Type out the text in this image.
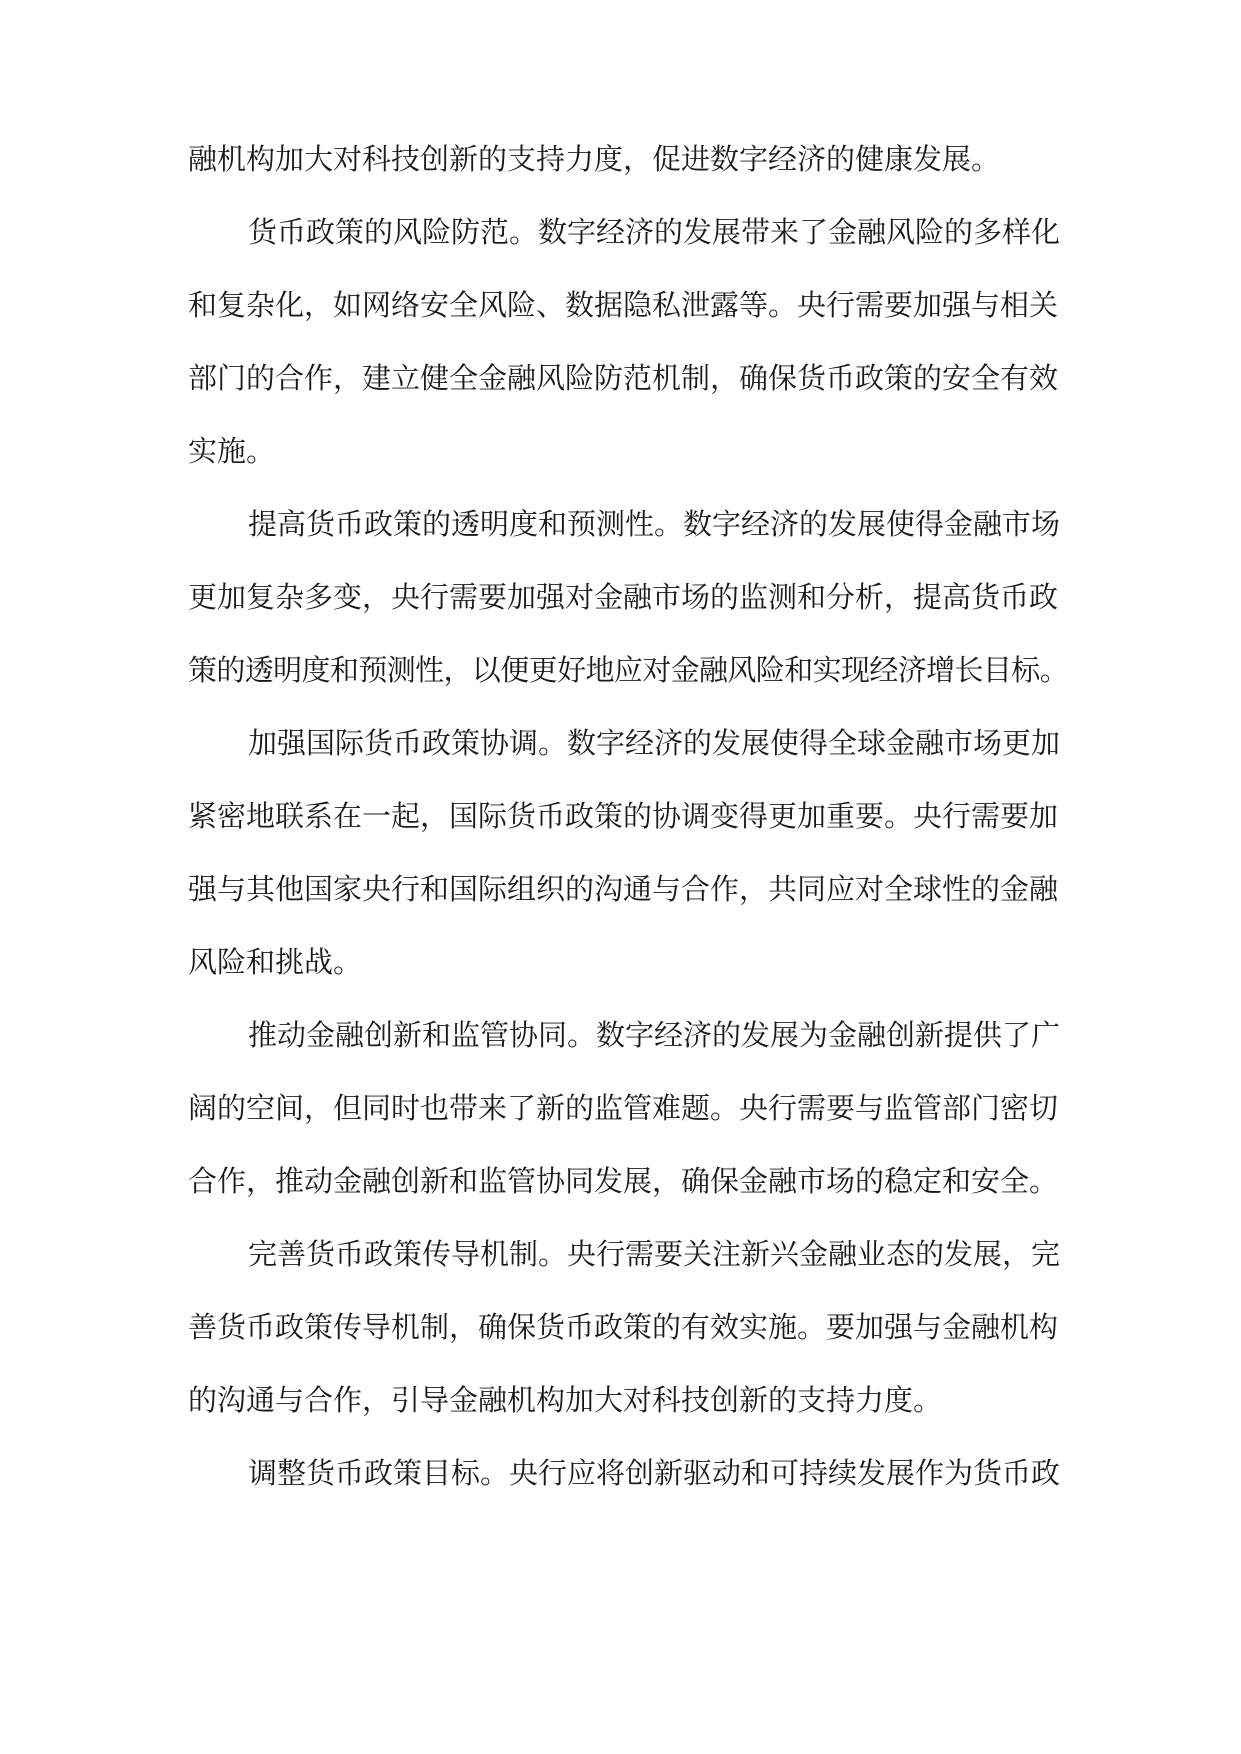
融机构加大对科技创新的支持力度，促进数字经济的健康发展。
货币政策的风险防范。数字经济的发展带来了金融风险的多样化
和复杂化，如网络安全风险、数据隐私泄露等。央行需要加强与相关
部门的合作，建立健全金融风险防范机制，确保货币政策的安全有效
实施。
提高货币政策的透明度和预测性。数字经济的发展使得金融市场
更加复杂多变，央行需要加强对金融市场的监测和分析，提高货币政
策的透明度和预测性，以便更好地应对金融风险和实现经济增长目标。
加强国际货币政策协调。数字经济的发展使得全球金融市场更加
紧密地联系在一起，国际货币政策的协调变得更加重要。央行需要加
强与其他国家央行和国际组织的沟通与合作，共同应对全球性的金融
风险和挑战。
推动金融创新和监管协同。数字经济的发展为金融创新提供了广
阔的空间，但同时也带来了新的监管难题。央行需要与监管部门密切
合作，推动金融创新和监管协同发展，确保金融市场的稳定和安全。
完善货币政策传导机制。央行需要关注新兴金融业态的发展，完
善货币政策传导机制，确保货币政策的有效实施。要加强与金融机构
的沟通与合作，引导金融机构加大对科技创新的支持力度。
调整货币政策目标。央行应将创新驱动和可持续发展作为货币政
